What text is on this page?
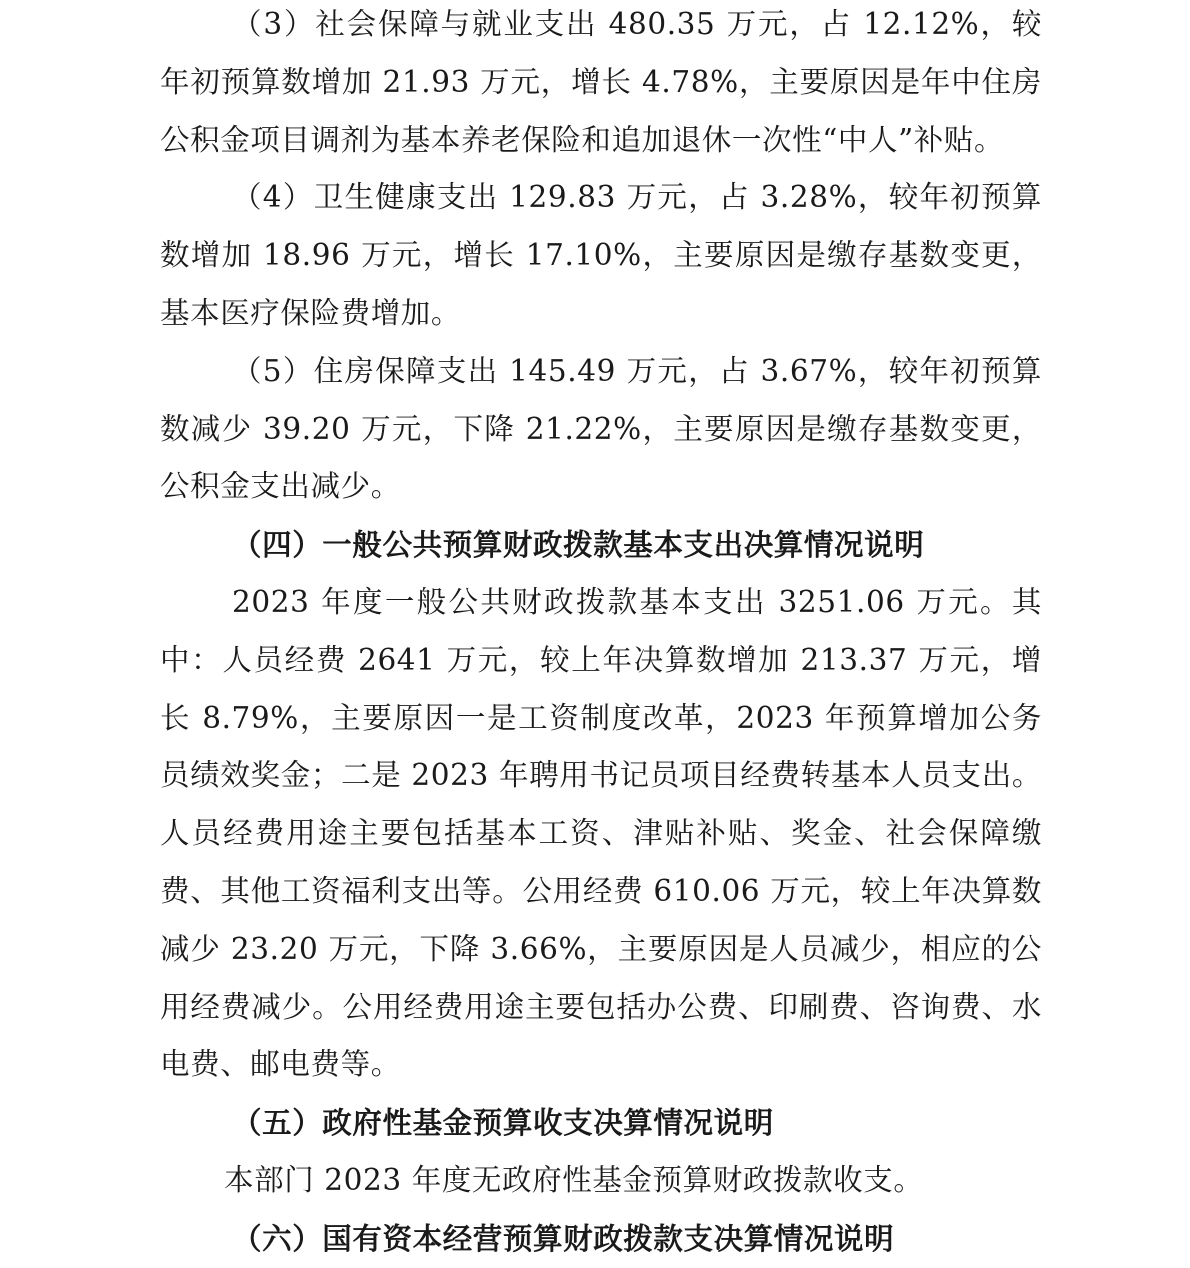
（3）社会保障与就业支出 480.35 万元，占 12.12%，较年初预算数增加 21.93 万元，增长 4.78%，主要原因是年中住房公积金项目调剂为基本养老保险和追加退休一次性“中人”补贴。

（4）卫生健康支出 129.83 万元，占 3.28%，较年初预算数增加 18.96 万元，增长 17.10%，主要原因是缴存基数变更，基本医疗保险费增加。

（5）住房保障支出 145.49 万元，占 3.67%，较年初预算数减少 39.20 万元，下降 21.22%，主要原因是缴存基数变更，公积金支出减少。

（四）一般公共预算财政拨款基本支出决算情况说明

2023 年度一般公共财政拨款基本支出 3251.06 万元。其中：人员经费 2641 万元，较上年决算数增加 213.37 万元，增长 8.79%，主要原因一是工资制度改革，2023 年预算增加公务员绩效奖金；二是 2023 年聘用书记员项目经费转基本人员支出。人员经费用途主要包括基本工资、津贴补贴、奖金、社会保障缴费、其他工资福利支出等。公用经费 610.06 万元，较上年决算数减少 23.20 万元，下降 3.66%，主要原因是人员减少，相应的公用经费减少。公用经费用途主要包括办公费、印刷费、咨询费、水电费、邮电费等。

（五）政府性基金预算收支决算情况说明

本部门 2023 年度无政府性基金预算财政拨款收支。

（六）国有资本经营预算财政拨款支决算情况说明
